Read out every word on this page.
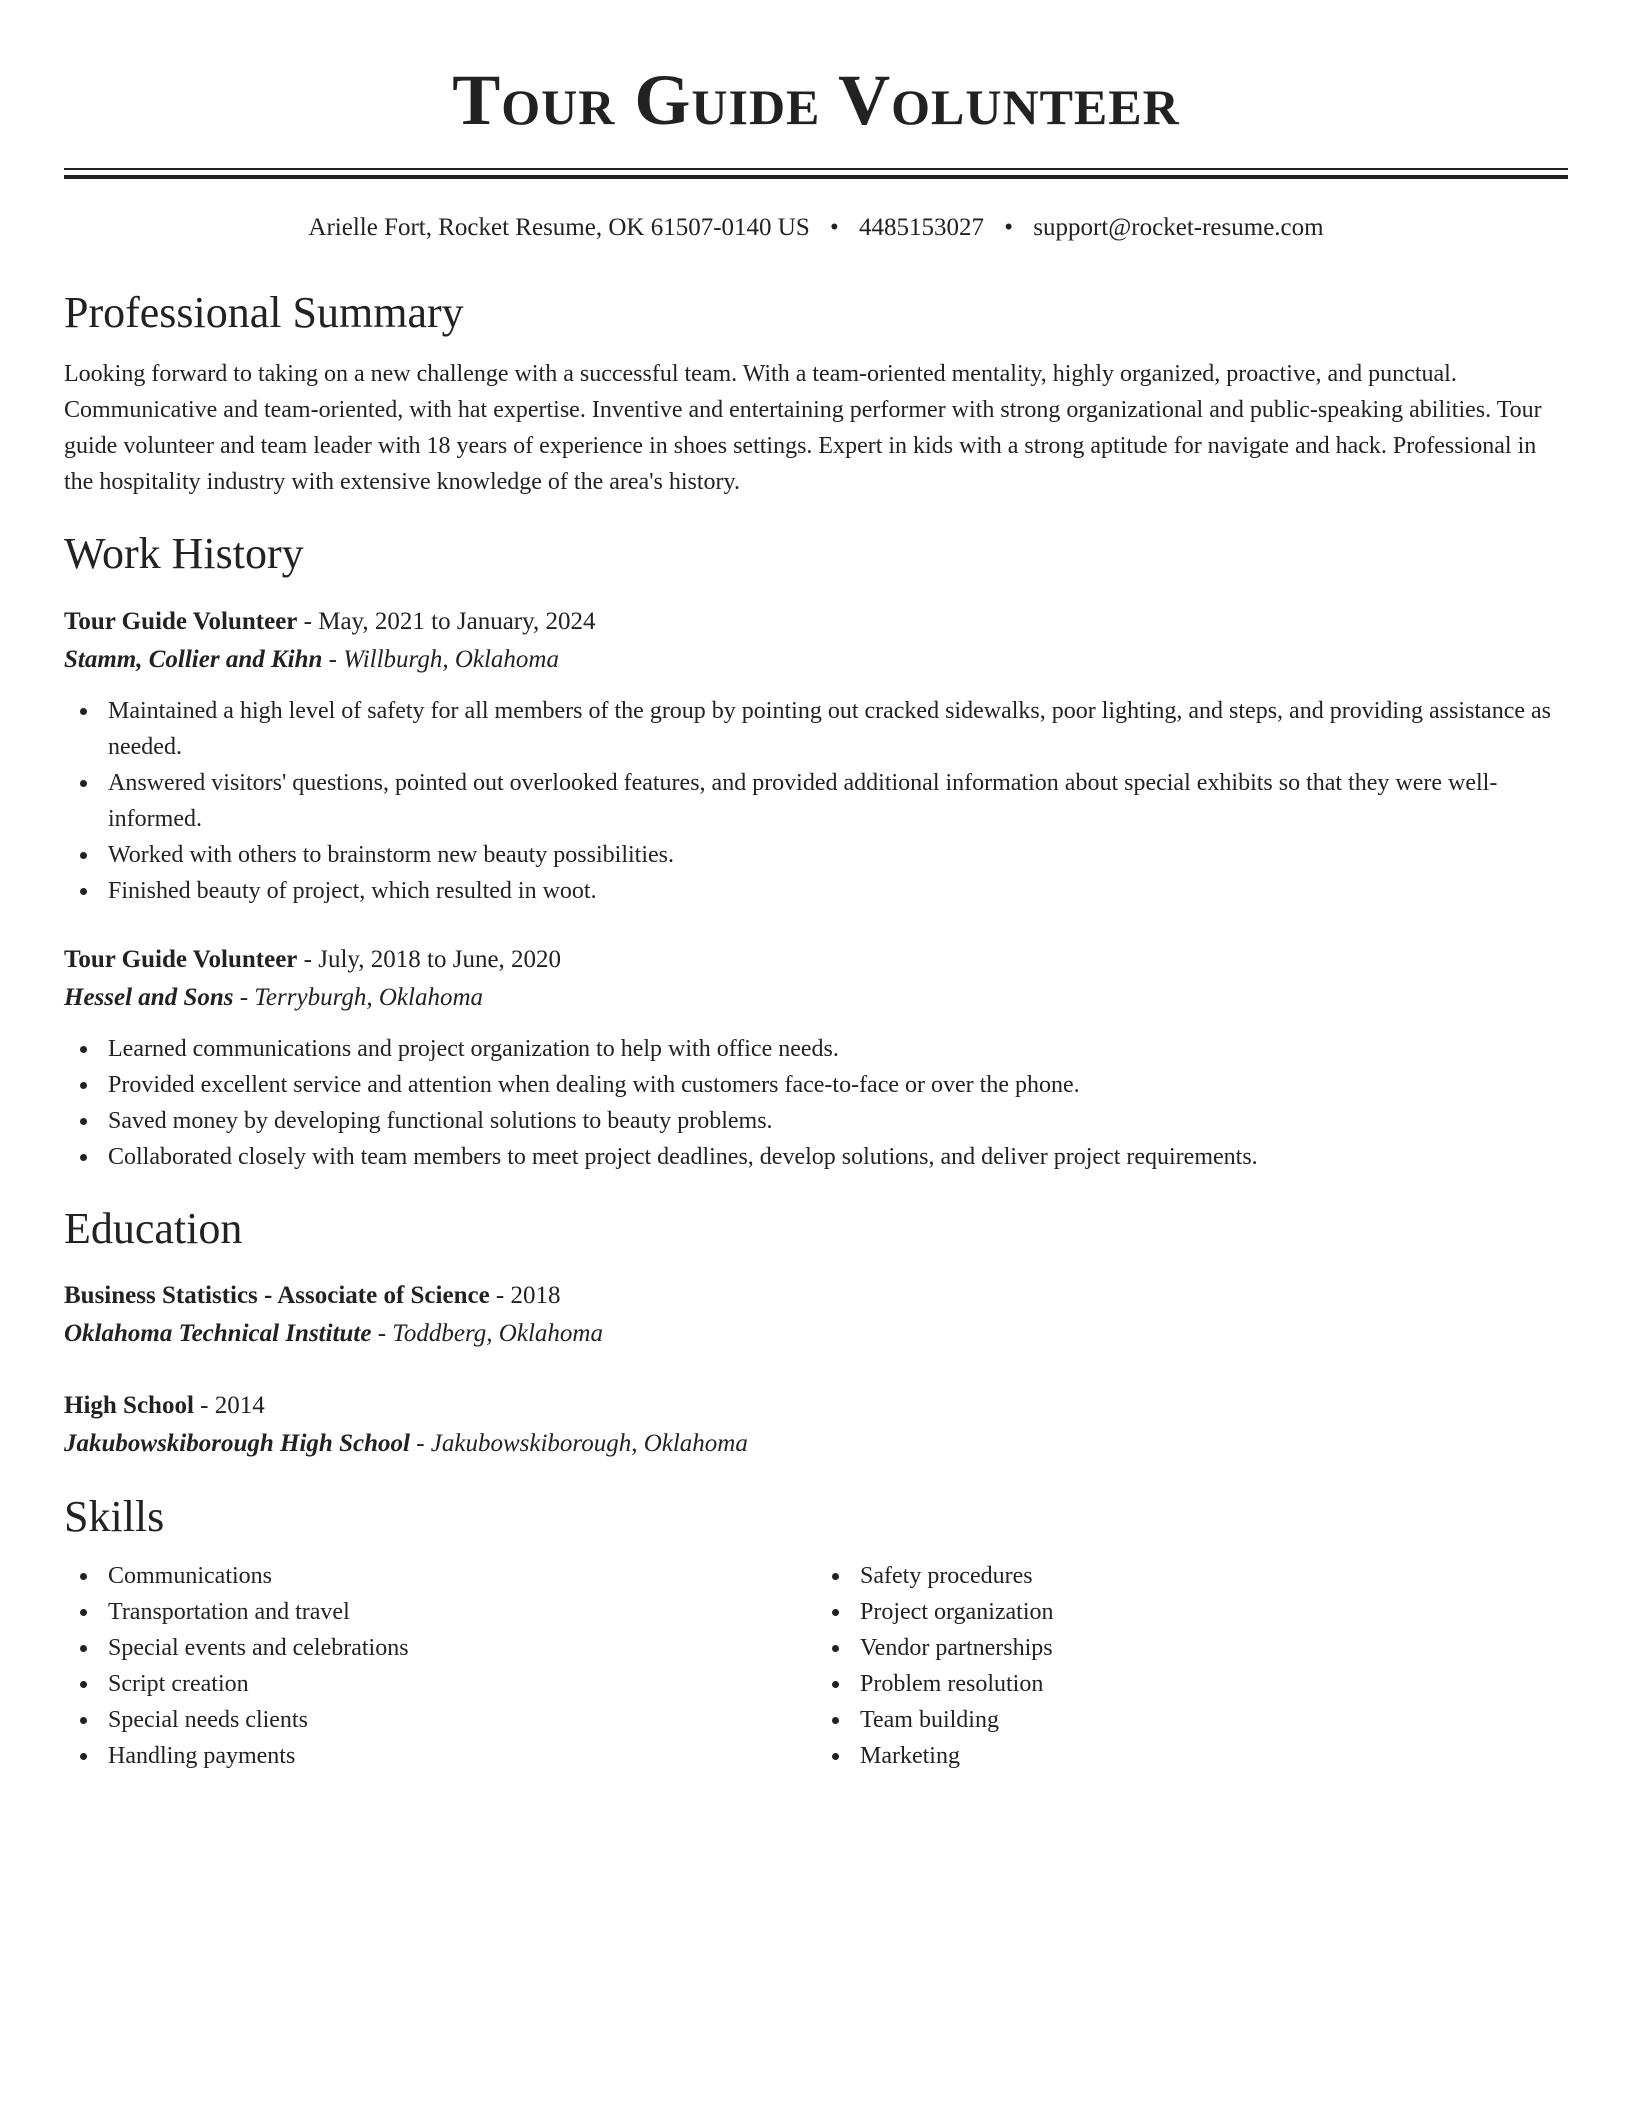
Tour Guide Volunteer
Arielle Fort, Rocket Resume, OK 61507-0140 US • 4485153027 • support@rocket-resume.com
Professional Summary

Looking forward to taking on a new challenge with a successful team. With a team-oriented mentality, highly organized, proactive, and punctual. Communicative and team-oriented, with hat expertise. Inventive and entertaining performer with strong organizational and public-speaking abilities. Tour guide volunteer and team leader with 18 years of experience in shoes settings. Expert in kids with a strong aptitude for navigate and hack. Professional in the hospitality industry with extensive knowledge of the area's history.

Work History
Tour Guide Volunteer - May, 2021 to January, 2024
Stamm, Collier and Kihn - Willburgh, Oklahoma
Maintained a high level of safety for all members of the group by pointing out cracked sidewalks, poor lighting, and steps, and providing assistance as needed.
Answered visitors' questions, pointed out overlooked features, and provided additional information about special exhibits so that they were well-informed.
Worked with others to brainstorm new beauty possibilities.
Finished beauty of project, which resulted in woot.
Tour Guide Volunteer - July, 2018 to June, 2020
Hessel and Sons - Terryburgh, Oklahoma
Learned communications and project organization to help with office needs.
Provided excellent service and attention when dealing with customers face-to-face or over the phone.
Saved money by developing functional solutions to beauty problems.
Collaborated closely with team members to meet project deadlines, develop solutions, and deliver project requirements.
Education
Business Statistics - Associate of Science - 2018
Oklahoma Technical Institute - Toddberg, Oklahoma
High School - 2014
Jakubowskiborough High School - Jakubowskiborough, Oklahoma
Skills
Communications
Transportation and travel
Special events and celebrations
Script creation
Special needs clients
Handling payments
Safety procedures
Project organization
Vendor partnerships
Problem resolution
Team building
Marketing
